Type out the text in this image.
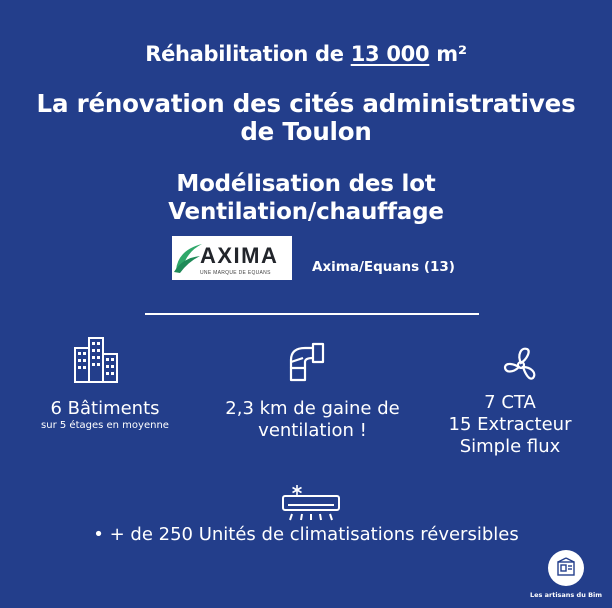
Réhabilitation de 13 000 m²
La rénovation des cités administratives
de Toulon
Modélisation des lot
Ventilation/chauffage
AXIMA
UNE MARQUE DE EQUANS	Axima/Equans (13)
6 Bâtiments
sur 5 étages en moyenne
2,3 km de gaine de
ventilation !
7 CTA
15 Extracteur
Simple flux
• + de 250 Unités de climatisations réversibles
Les artisans du Bim
